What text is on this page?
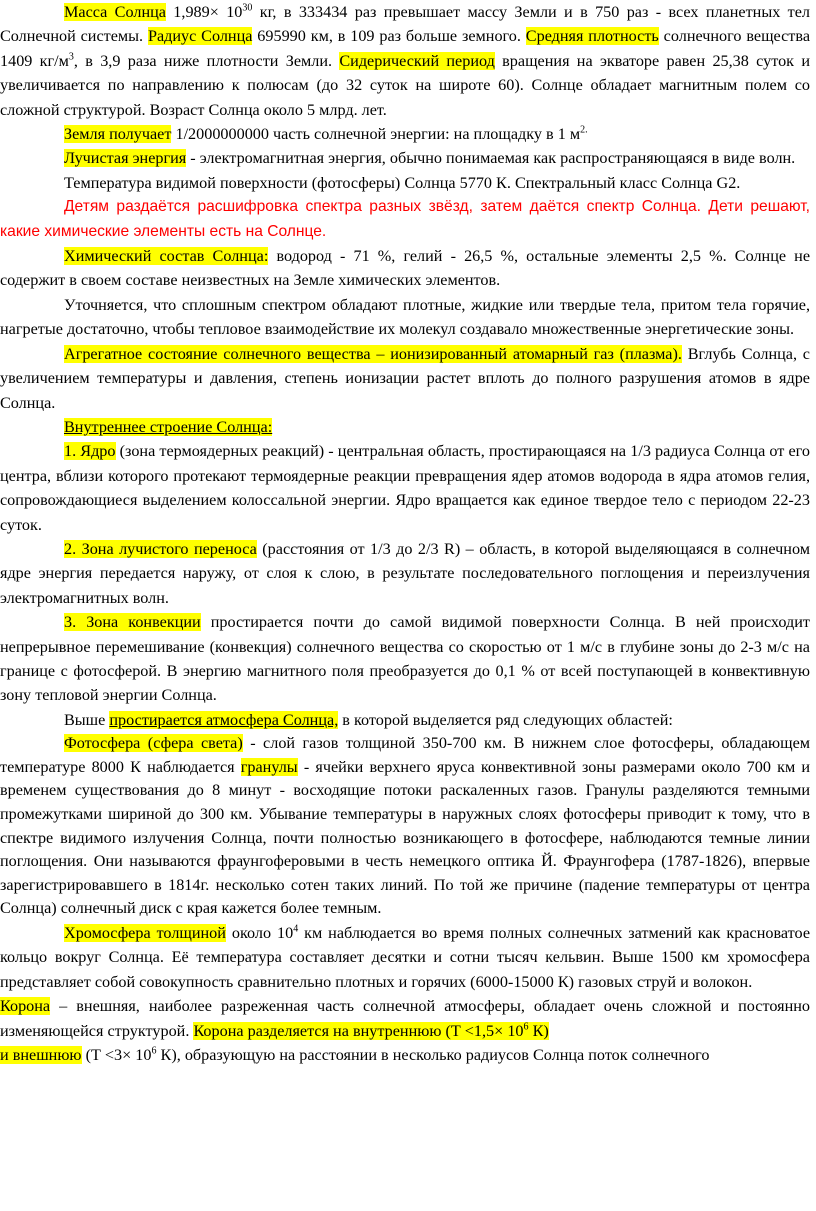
Масса Солнца $1,989\times 10^{30}$ кг, в 333434 раз превышает массу Земли и в 750 раз - всех планетных тел Солнечной системы. Радиус Солнца 695990 км, в 109 раз больше земного. Средняя плотность солнечного вещества 1409 $кг/м^3$, в 3,9 раза ниже плотности Земли. Сидерический период вращения на экваторе равен 25,38 суток и увеличивается по направлению к полюсам (до 32 суток на широте 60). Солнце обладает магнитным полем со сложной структурой. Возраст Солнца около 5 млрд. лет.

Земля получает 1/2000000000 часть солнечной энергии: на площадку в 1 $м^{2.}$

Лучистая энергия - электромагнитная энергия, обычно понимаемая как распространяющаяся в виде волн.

Температура видимой поверхности (фотосферы) Солнца 5770 К. Спектральный класс Солнца G2.

Детям раздаётся расшифровка спектра разных звёзд, затем даётся спектр Солнца. Дети решают, какие химические элементы есть на Солнце.

Химический состав Солнца: водород - 71 %, гелий - 26,5 %, остальные элементы 2,5 %. Солнце не содержит в своем составе неизвестных на Земле химических элементов.

Уточняется, что сплошным спектром обладают плотные, жидкие или твердые тела, притом тела горячие, нагретые достаточно, чтобы тепловое взаимодействие их молекул создавало множественные энергетические зоны.

Агрегатное состояние солнечного вещества – ионизированный атомарный газ (плазма). Вглубь Солнца, с увеличением температуры и давления, степень ионизации растет вплоть до полного разрушения атомов в ядре Солнца.

Внутреннее строение Солнца:

1. Ядро (зона термоядерных реакций) - центральная область, простирающаяся на 1/3 радиуса Солнца от его центра, вблизи которого протекают термоядерные реакции превращения ядер атомов водорода в ядра атомов гелия, сопровождающиеся выделением колоссальной энергии. Ядро вращается как единое твердое тело с периодом 22-23 суток.

2. Зона лучистого переноса (расстояния от 1/3 до 2/3 R) – область, в которой выделяющаяся в солнечном ядре энергия передается наружу, от слоя к слою, в результате последовательного поглощения и переизлучения электромагнитных волн.

3. Зона конвекции простирается почти до самой видимой поверхности Солнца. В ней происходит непрерывное перемешивание (конвекция) солнечного вещества со скоростью от 1 м/с в глубине зоны до 2-3 м/с на границе с фотосферой. В энергию магнитного поля преобразуется до 0,1 % от всей поступающей в конвективную зону тепловой энергии Солнца.

Выше простирается атмосфера Солнца, в которой выделяется ряд следующих областей:

Фотосфера (сфера света) - слой газов толщиной 350-700 км. В нижнем слое фотосферы, обладающем температуре 8000 К наблюдается гранулы - ячейки верхнего яруса конвективной зоны размерами около 700 км и временем существования до 8 минут - восходящие потоки раскаленных газов. Гранулы разделяются темными промежутками шириной до 300 км. Убывание температуры в наружных слоях фотосферы приводит к тому, что в спектре видимого излучения Солнца, почти полностью возникающего в фотосфере, наблюдаются темные линии поглощения. Они называются фраунгоферовыми в честь немецкого оптика Й. Фраунгофера (1787-1826), впервые зарегистрировавшего в 1814г. несколько сотен таких линий. По той же причине (падение температуры от центра Солнца) солнечный диск с края кажется более темным.

Хромосфера толщиной около $10^4$ км наблюдается во время полных солнечных затмений как красноватое кольцо вокруг Солнца. Её температура составляет десятки и сотни тысяч кельвин. Выше 1500 км хромосфера представляет собой совокупность сравнительно плотных и горячих (6000-15000 К) газовых струй и волокон.

Корона – внешняя, наиболее разреженная часть солнечной атмосферы, обладает очень сложной и постоянно изменяющейся структурой. Корона разделяется на внутреннюю ($Т <1,5\times 10^6$ К)

и внешнюю ($Т <3\times 10^6$ К), образующую на расстоянии в несколько радиусов Солнца поток солнечного
